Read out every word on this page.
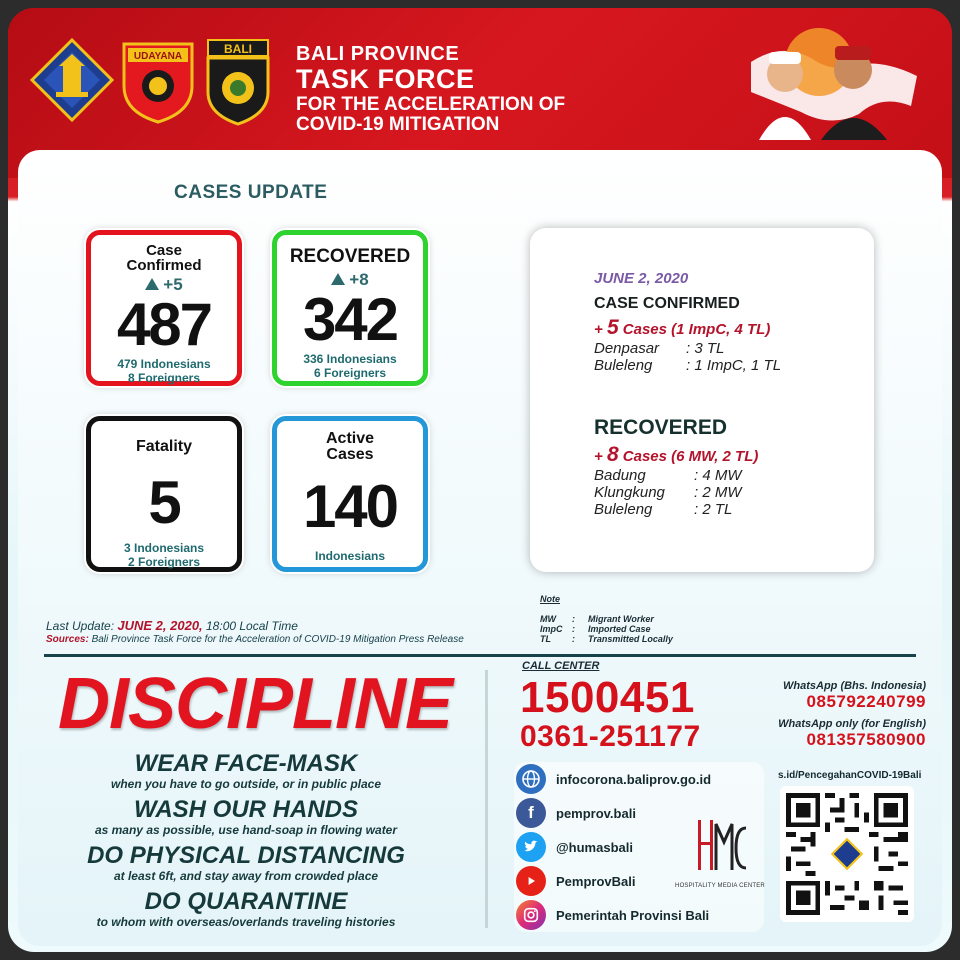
UDAYANA
BALI BALI PROVINCE
TASK FORCE
FOR THE ACCELERATION OF
COVID-19 MITIGATION
CASES UPDATE
Case
Confirmed
+5
487
479 Indonesians
8 Foreigners
RECOVERED
+8
342
336 Indonesians
6 Foreigners
Fatality
5
3 Indonesians
2 Foreigners
Active
Cases
140
Indonesians
JUNE 2, 2020
CASE CONFIRMED
+ 5 Cases (1 ImpC, 4 TL)
Denpasar	: 3 TL
Buleleng	: 1 ImpC, 1 TL
RECOVERED
+ 8 Cases (6 MW, 2 TL)
Badung	: 4 MW
Klungkung	: 2 MW
Buleleng	: 2 TL
Last Update: JUNE 2, 2020, 18:00 Local Time
Sources: Bali Province Task Force for the Acceleration of COVID-19 Mitigation Press Release
Note
MW	:	Migrant Worker
ImpC	:	Imported Case
TL	:	Transmitted Locally
DISCIPLINE
WEAR FACE-MASK
when you have to go outside, or in public place
WASH OUR HANDS
as many as possible, use hand-soap in flowing water
DO PHYSICAL DISTANCING
at least 6ft, and stay away from crowded place
DO QUARANTINE
to whom with overseas/overlands traveling histories
CALL CENTER
1500451
0361-251177
WhatsApp (Bhs. Indonesia)
085792240799
WhatsApp only (for English)
081357580900
infocorona.baliprov.go.id
f	pemprov.bali
@humasbali
PemprovBali
Pemerintah Provinsi Bali
HOSPITALITY MEDIA CENTER
s.id/PencegahanCOVID-19Bali
